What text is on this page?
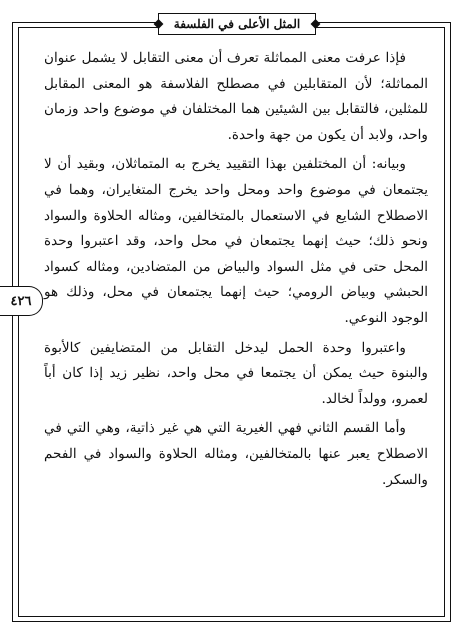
المثل الأعلى في الفلسفة
٤٢٦

فإذا عرفت معنى المماثلة تعرف أن معنى التقابل لا يشمل عنوان المماثلة؛ لأن المتقابلين في مصطلح الفلاسفة هو المعنى المقابل للمثلين، فالتقابل بين الشيئين هما المختلفان في موضوع واحد وزمان واحد، ولابد أن يكون من جهة واحدة.

وبيانه: أن المختلفين بهذا التقييد يخرج به المتماثلان، وبقيد أن لا يجتمعان في موضوع واحد ومحل واحد يخرج المتغايران، وهما في الاصطلاح الشايع في الاستعمال بالمتخالفين، ومثاله الحلاوة والسواد ونحو ذلك؛ حيث إنهما يجتمعان في محل واحد، وقد اعتبروا وحدة المحل حتى في مثل السواد والبياض من المتضادين، ومثاله كسواد الحبشي وبياض الرومي؛ حيث إنهما يجتمعان في محل، وذلك هو الوجود النوعي.

واعتبروا وحدة الحمل ليدخل التقابل من المتضايفين كالأبوة والبنوة حيث يمكن أن يجتمعا في محل واحد، نظير زيد إذا كان أباً لعمرو، وولداً لخالد.

وأما القسم الثاني فهي الغيرية التي هي غير ذاتية، وهي التي في الاصطلاح يعبر عنها بالمتخالفين، ومثاله الحلاوة والسواد في الفحم والسكر.
